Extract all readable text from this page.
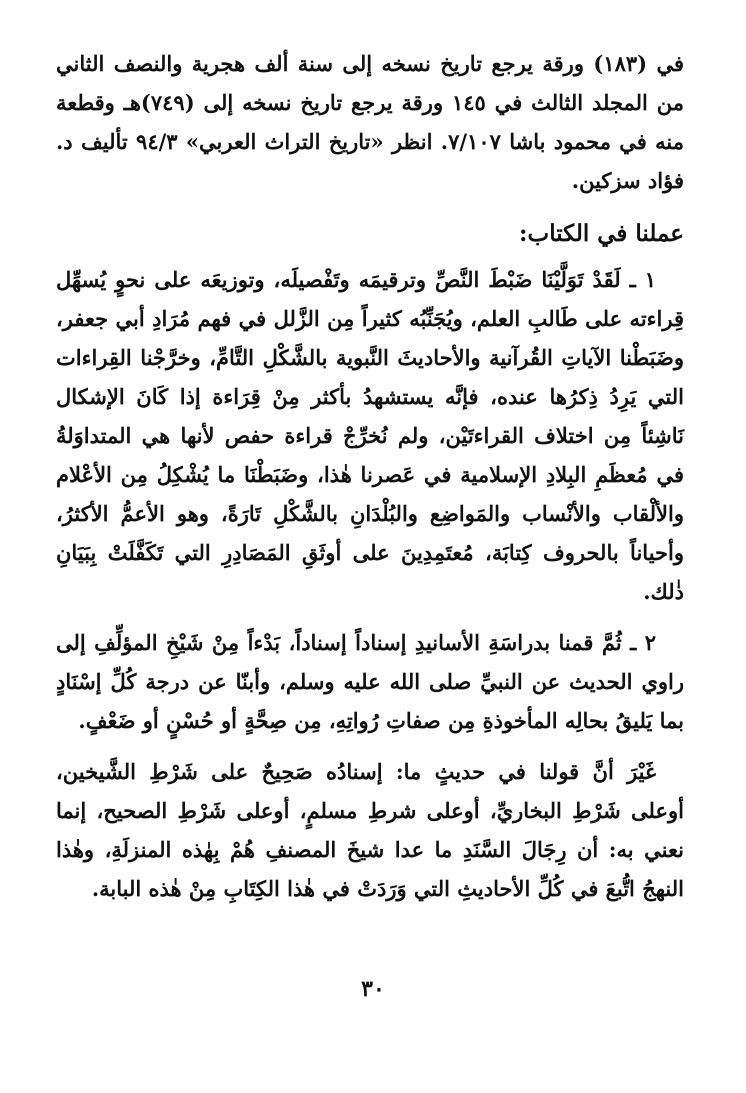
في (١٨٣) ورقة يرجع تاريخ نسخه إلى سنة ألف هجرية والنصف الثاني من المجلد الثالث في ١٤٥ ورقة يرجع تاريخ نسخه إلى (٧٤٩)هـ وقطعة منه في محمود باشا ٧/١٠٧. انظر «تاريخ التراث العربي» ٩٤/٣ تأليف د. فؤاد سزكين.

عملنا في الكتاب:

١ ـ لَقَدْ تَوَلَّيْنَا ضَبْطَ النَّصِّ وترقيمَه وتَفْصيلَه، وتوزيعَه على نحوٍ يُسهِّل قِراءته على طَالبِ العلم، ويُجَنِّبُه كثيراً مِن الزَّلل في فهم مُرَادِ أبي جعفر، وضَبَطْنا الآياتِ القُرآنية والأحاديثَ النَّبوية بالشَّكْلِ التَّامِّ، وخرَّجْنا القِراءات التي يَرِدُ ذِكرُها عنده، فإنَّه يستشهدُ بأكثر مِنْ قِرَاءة إذا كَانَ الإشكال نَاشِئاً مِن اختلاف القراءتَيْن، ولم نُخرِّجْ قراءة حفص لأنها هي المتداوَلةُ في مُعظَمِ البِلادِ الإسلامية في عَصرنا هٰذا، وضَبَطْنَا ما يُشْكِلُ مِن الأعْلام والألْقاب والأنْساب والمَواضِع والبُلْدَانِ بالشَّكْلِ تَارَةً، وهو الأعمُّ الأكثرُ، وأحياناً بالحروف كِتابَة، مُعتَمِدِينَ على أوثَقِ المَصَادِرِ التي تَكَفَّلَتْ بِبَيَانِ ذٰلك.

٢ ـ ثُمَّ قمنا بدراسَةِ الأسانيدِ إسناداً إسناداً، بَدْءاً مِنْ شَيْخِ المؤلِّفِ إلى راوي الحديث عن النبيِّ صلى الله عليه وسلم، وأبنّا عن درجة كُلِّ إسْنَادٍ بما يَليقُ بحالِه المأخوذةِ مِن صفاتِ رُواتِهِ، مِن صِحَّةٍ أو حُسْنٍ أو ضَعْفٍ.

غَيْرَ أنَّ قولنا في حديثٍ ما: إسنادُه صَحِيحٌ على شَرْطِ الشَّيخين، أوعلى شَرْطِ البخاريِّ، أوعلى شرطِ مسلمٍ، أوعلى شَرْطِ الصحيح، إنما نعني به: أن رِجَالَ السَّنَدِ ما عدا شيخَ المصنفِ هُمْ بِهٰذه المنزلَةِ، وهٰذا النهجُ اتُّبعَ في كُلِّ الأحاديثِ التي وَرَدَتْ في هٰذا الكِتَابِ مِنْ هٰذه البابة.

٣٠
